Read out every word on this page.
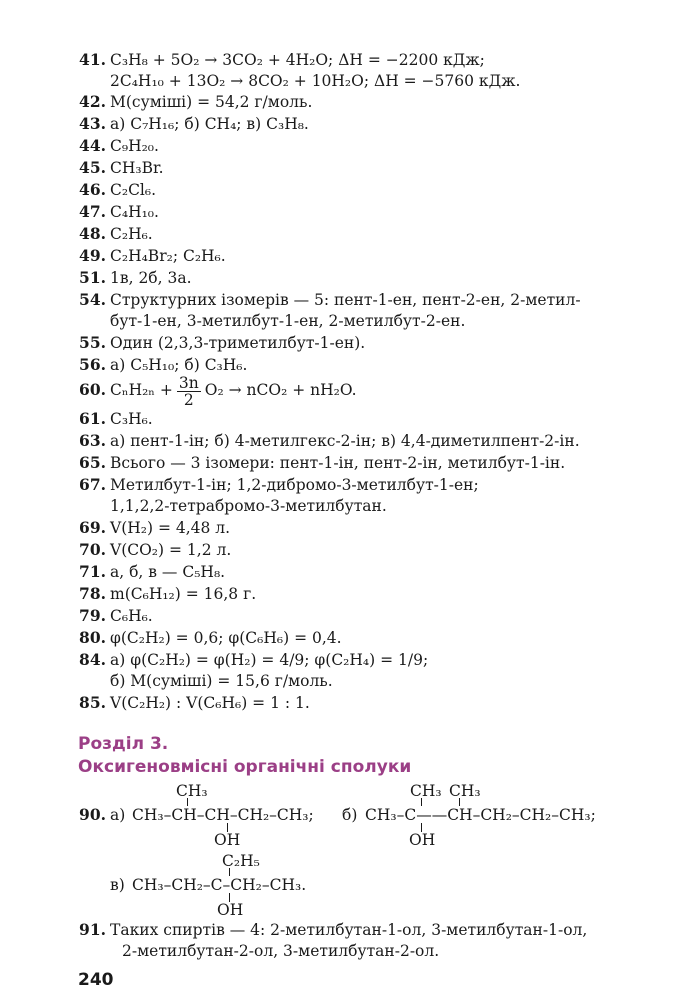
41. C₃H₈ + 5O₂ → 3CO₂ + 4H₂O; ΔH = −2200 кДж;
2C₄H₁₀ + 13O₂ → 8CO₂ + 10H₂O; ΔH = −5760 кДж.
42. M(суміші) = 54,2 г/моль.
43. а) C₇H₁₆; б) CH₄; в) C₃H₈.
44. C₉H₂₀.
45. CH₃Br.
46. C₂Cl₆.
47. C₄H₁₀.
48. C₂H₆.
49. C₂H₄Br₂; C₂H₆.
51. 1в, 2б, 3а.
54. Структурних ізомерів — 5: пент-1-ен, пент-2-ен, 2-метил-
бут-1-ен, 3-метилбут-1-ен, 2-метилбут-2-ен.
55. Один (2,3,3-триметилбут-1-ен).
56. а) C₅H₁₀; б) C₃H₆.
60. $C_nH_{2n} + \frac{3n}{2} O_2 \to nCO_2 + nH_2O$.
61. C₃H₆.
63. а) пент-1-ін; б) 4-метилгекс-2-ін; в) 4,4-диметилпент-2-ін.
65. Всього — 3 ізомери: пент-1-ін, пент-2-ін, метилбут-1-ін.
67. Метилбут-1-ін; 1,2-дибромо-3-метилбут-1-ен;
1,1,2,2-тетрабромо-3-метилбутан.
69. V(H₂) = 4,48 л.
70. V(CO₂) = 1,2 л.
71. а, б, в — C₅H₈.
78. m(C₆H₁₂) = 16,8 г.
79. C₆H₆.
80. φ(C₂H₂) = 0,6; φ(C₆H₆) = 0,4.
84. а) φ(C₂H₂) = φ(H₂) = 4/9; φ(C₂H₄) = 1/9;
б) M(суміші) = 15,6 г/моль.
85. V(C₂H₂) : V(C₆H₆) = 1 : 1.
Розділ 3.
Оксигеновмісні органічні сполуки
90. а)
CH₃
CH₃–CH–CH–CH₂–CH₃;
OH
б)
CH₃ CH₃
CH₃–C——CH–CH₂–CH₂–CH₃;
OH
C₂H₅
в) CH₃–CH₂–C–CH₂–CH₃.
OH
91. Таких спиртів — 4: 2-метилбутан-1-ол, 3-метилбутан-1-ол,
2-метилбутан-2-ол, 3-метилбутан-2-ол.
240
